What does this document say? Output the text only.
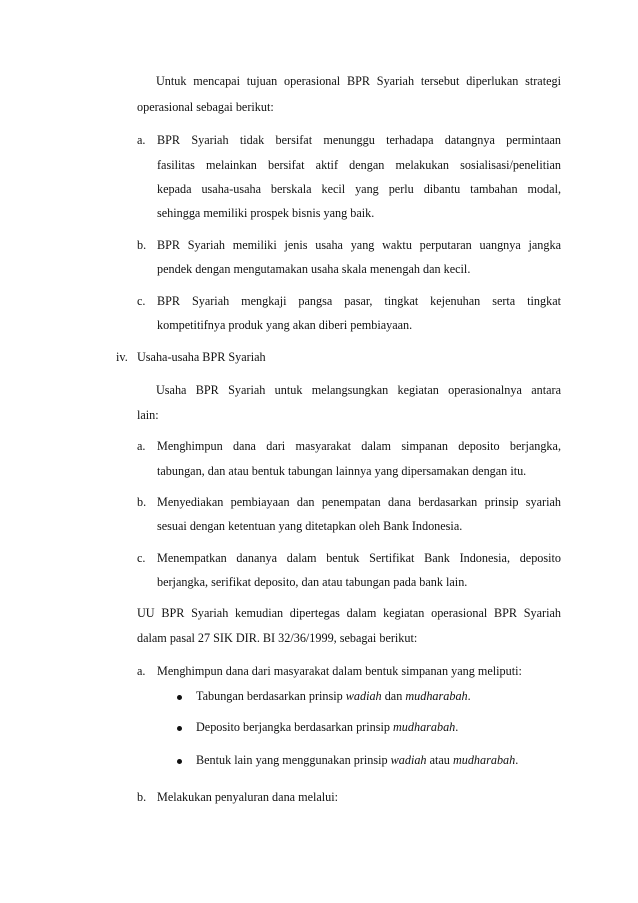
Untuk mencapai tujuan operasional BPR Syariah tersebut diperlukan strategi
operasional sebagai berikut:
a. BPR Syariah tidak bersifat menunggu terhadapa datangnya permintaan
fasilitas melainkan bersifat aktif dengan melakukan sosialisasi/penelitian
kepada usaha-usaha berskala kecil yang perlu dibantu tambahan modal,
sehingga memiliki prospek bisnis yang baik.
b. BPR Syariah memiliki jenis usaha yang waktu perputaran uangnya jangka
pendek dengan mengutamakan usaha skala menengah dan kecil.
c. BPR Syariah mengkaji pangsa pasar, tingkat kejenuhan serta tingkat
kompetitifnya produk yang akan diberi pembiayaan.
iv. Usaha-usaha BPR Syariah
Usaha BPR Syariah untuk melangsungkan kegiatan operasionalnya antara
lain:
a. Menghimpun dana dari masyarakat dalam simpanan deposito berjangka,
tabungan, dan atau bentuk tabungan lainnya yang dipersamakan dengan itu.
b. Menyediakan pembiayaan dan penempatan dana berdasarkan prinsip syariah
sesuai dengan ketentuan yang ditetapkan oleh Bank Indonesia.
c. Menempatkan dananya dalam bentuk Sertifikat Bank Indonesia, deposito
berjangka, serifikat deposito, dan atau tabungan pada bank lain.
UU BPR Syariah kemudian dipertegas dalam kegiatan operasional BPR Syariah
dalam pasal 27 SIK DIR. BI 32/36/1999, sebagai berikut:
a. Menghimpun dana dari masyarakat dalam bentuk simpanan yang meliputi:
Tabungan berdasarkan prinsip wadiah dan mudharabah.
Deposito berjangka berdasarkan prinsip mudharabah.
Bentuk lain yang menggunakan prinsip wadiah atau mudharabah.
b. Melakukan penyaluran dana melalui:
